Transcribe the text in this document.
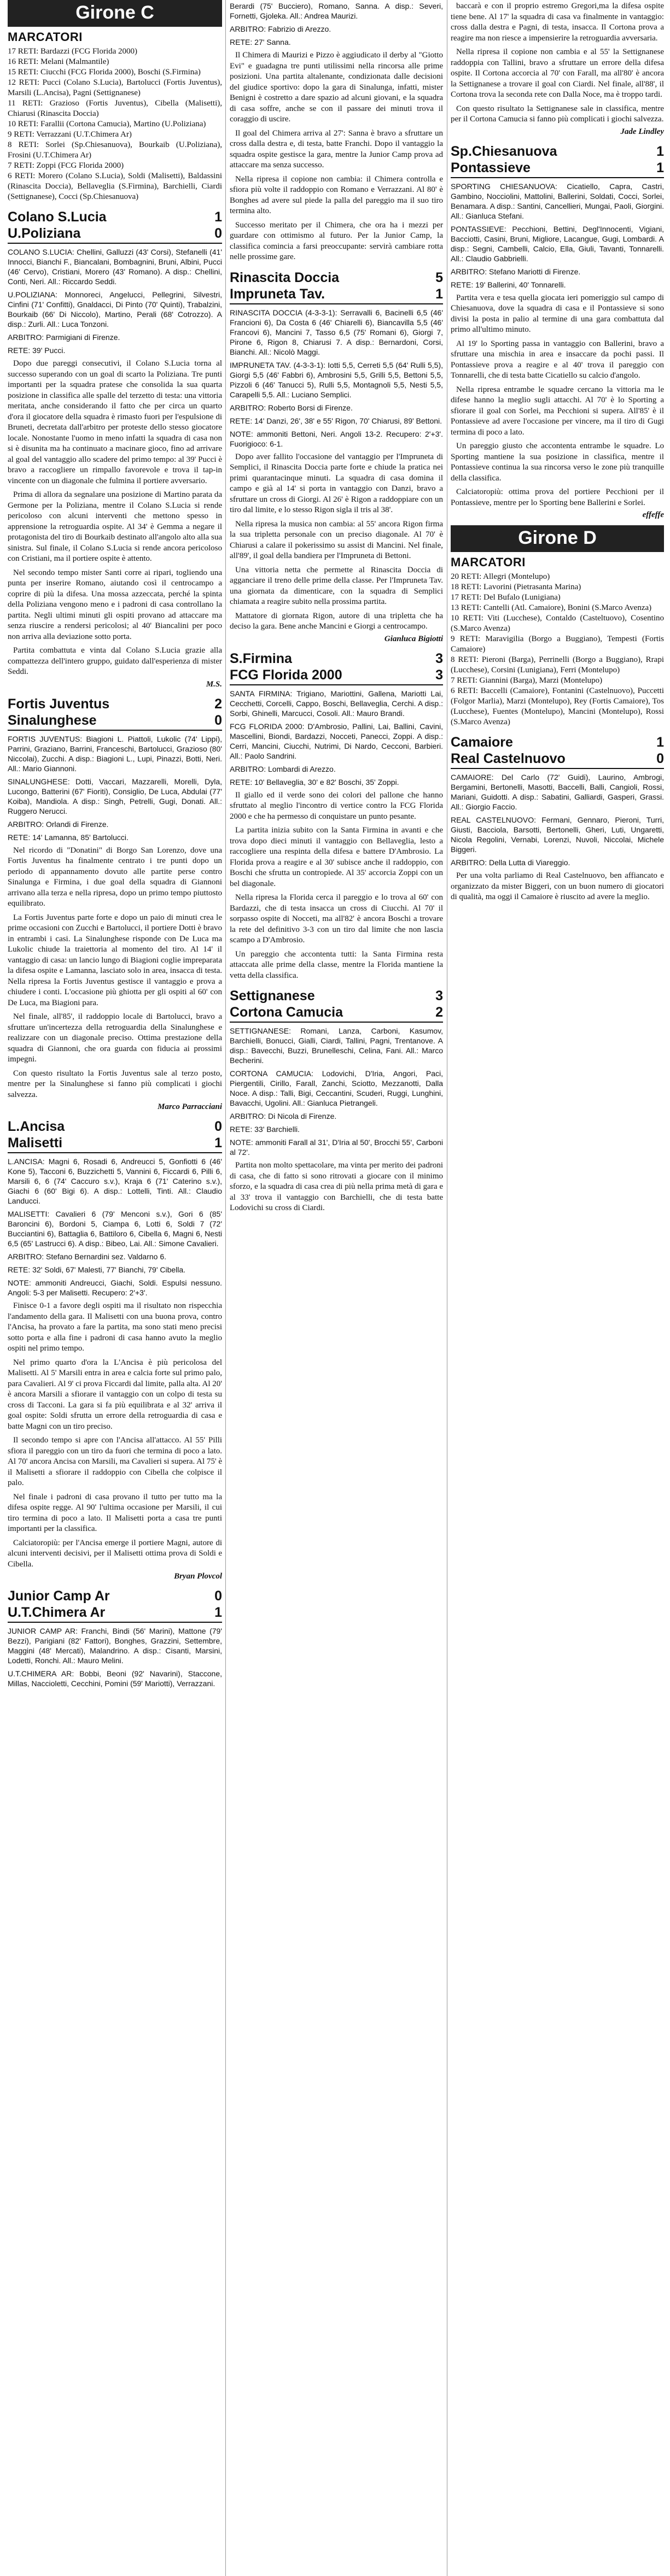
Girone C
MARCATORI

17 RETI: Bardazzi (FCG Florida 2000)

16 RETI: Melani (Malmantile)

15 RETI: Ciucchi (FCG Florida 2000), Boschi (S.Firmina)

12 RETI: Pucci (Colano S.Lucia), Bartolucci (Fortis Juventus), Marsili (L.Ancisa), Pagni (Settignanese)

11 RETI: Grazioso (Fortis Juventus), Cibella (Malisetti), Chiarusi (Rinascita Doccia)

10 RETI: Farallii (Cortona Camucia), Martino (U.Poliziana)

9 RETI: Verrazzani (U.T.Chimera Ar)

8 RETI: Sorlei (Sp.Chiesanuova), Bourkaib (U.Poliziana), Frosini (U.T.Chimera Ar)

7 RETI: Zoppi (FCG Florida 2000)

6 RETI: Morero (Colano S.Lucia), Soldi (Malisetti), Baldassini (Rinascita Doccia), Bellaveglia (S.Firmina), Barchielli, Ciardi (Settignanese), Cocci (Sp.Chiesanuova)

Colano S.Lucia	1
U.Poliziana	0

COLANO S.LUCIA: Chellini, Galluzzi (43' Corsi), Stefanelli (41' Innocci, Bianchi F., Biancalani, Bombagnini, Bruni, Albini, Pucci (46' Cervo), Cristiani, Morero (43' Romano). A disp.: Chellini, Conti, Neri. All.: Riccardo Seddi.

U.POLIZIANA: Monnoreci, Angelucci, Pellegrini, Silvestri, Cinfini (71' Confitti), Gnaldacci, Di Pinto (70' Quinti), Trabalzini, Bourkaib (66' Di Niccolo), Martino, Perali (68' Cotrozzo). A disp.: Zurli. All.: Luca Tonzoni.

ARBITRO: Parmigiani di Firenze.

RETE: 39' Pucci.

Dopo due pareggi consecutivi, il Colano S.Lucia torna al successo superando con un goal di scarto la Poliziana. Tre punti importanti per la squadra pratese che consolida la sua quarta posizione in classifica alle spalle del terzetto di testa: una vittoria meritata, anche considerando il fatto che per circa un quarto d'ora il giocatore della squadra è rimasto fuori per l'espulsione di Bruneti, decretata dall'arbitro per proteste dello stesso giocatore locale. Nonostante l'uomo in meno infatti la squadra di casa non si è disunita ma ha continuato a macinare gioco, fino ad arrivare al goal del vantaggio allo scadere del primo tempo: al 39' Pucci è bravo a raccogliere un rimpallo favorevole e trova il tap-in vincente con un diagonale che fulmina il portiere avversario.

Prima di allora da segnalare una posizione di Martino parata da Germone per la Poliziana, mentre il Colano S.Lucia si rende pericoloso con alcuni interventi che mettono spesso in apprensione la retroguardia ospite. Al 34' è Gemma a negare il protagonista del tiro di Bourkaib destinato all'angolo alto alla sua sinistra. Sul finale, il Colano S.Lucia si rende ancora pericoloso con Cristiani, ma il portiere ospite è attento.

Nel secondo tempo mister Santi corre ai ripari, togliendo una punta per inserire Romano, aiutando così il centrocampo a coprire di più la difesa. Una mossa azzeccata, perché la spinta della Poliziana vengono meno e i padroni di casa controllano la partita. Negli ultimi minuti gli ospiti provano ad attaccare ma senza riuscire a rendersi pericolosi; al 40' Biancalini per poco non arriva alla deviazione sotto porta.

Partita combattuta e vinta dal Colano S.Lucia grazie alla compattezza dell'intero gruppo, guidato dall'esperienza di mister Seddi.

M.S.
Fortis Juventus	2
Sinalunghese	0

FORTIS JUVENTUS: Biagioni L. Piattoli, Lukolic (74' Lippi), Parrini, Graziano, Barrini, Franceschi, Bartolucci, Grazioso (80' Niccolai), Zucchi. A disp.: Biagioni L., Lupi, Pinazzi, Botti, Neri. All.: Mario Giannoni.

SINALUNGHESE: Dotti, Vaccari, Mazzarelli, Morelli, Dyla, Lucongo, Batterini (67' Fioriti), Consiglio, De Luca, Abdulai (77' Koiba), Mandiola. A disp.: Singh, Petrelli, Gugi, Donati. All.: Ruggero Nerucci.

ARBITRO: Orlandi di Firenze.

RETE: 14' Lamanna, 85' Bartolucci.

Nel ricordo di "Donatini" di Borgo San Lorenzo, dove una Fortis Juventus ha finalmente centrato i tre punti dopo un periodo di appannamento dovuto alle partite perse contro Sinalunga e Firmina, i due goal della squadra di Giannoni arrivano alla terza e nella ripresa, dopo un primo tempo piuttosto equilibrato.

La Fortis Juventus parte forte e dopo un paio di minuti crea le prime occasioni con Zucchi e Bartolucci, il portiere Dotti è bravo in entrambi i casi. La Sinalunghese risponde con De Luca ma Lukolic chiude la traiettoria al momento del tiro. Al 14' il vantaggio di casa: un lancio lungo di Biagioni coglie impreparata la difesa ospite e Lamanna, lasciato solo in area, insacca di testa. Nella ripresa la Fortis Juventus gestisce il vantaggio e prova a chiudere i conti. L'occasione più ghiotta per gli ospiti al 60' con De Luca, ma Biagioni para.

Nel finale, all'85', il raddoppio locale di Bartolucci, bravo a sfruttare un'incertezza della retroguardia della Sinalunghese e realizzare con un diagonale preciso. Ottima prestazione della squadra di Giannoni, che ora guarda con fiducia ai prossimi impegni.

Con questo risultato la Fortis Juventus sale al terzo posto, mentre per la Sinalunghese si fanno più complicati i giochi salvezza.

Marco Parracciani
L.Ancisa	0
Malisetti	1

L.ANCISA: Magni 6, Rosadi 6, Andreucci 5, Gonfiotti 6 (46' Kone 5), Tacconi 6, Buzzichetti 5, Vannini 6, Ficcardi 6, Pilli 6, Marsili 6, 6 (74' Caccuro s.v.), Kraja 6 (71' Caterino s.v.), Giachi 6 (60' Bigi 6). A disp.: Lottelli, Tinti. All.: Claudio Landucci.

MALISETTI: Cavalieri 6 (79' Menconi s.v.), Gori 6 (85' Baroncini 6), Bordoni 5, Ciampa 6, Lotti 6, Soldi 7 (72' Bucciantini 6), Battaglia 6, Battiloro 6, Cibella 6, Magni 6, Nesti 6,5 (65' Lastrucci 6). A disp.: Bibeo, Lai. All.: Simone Cavalieri.

ARBITRO: Stefano Bernardini sez. Valdarno 6.

RETE: 32' Soldi, 67' Malesti, 77' Bianchi, 79' Cibella.

NOTE: ammoniti Andreucci, Giachi, Soldi. Espulsi nessuno. Angoli: 5-3 per Malisetti. Recupero: 2'+3'.

Finisce 0-1 a favore degli ospiti ma il risultato non rispecchia l'andamento della gara. Il Malisetti con una buona prova, contro l'Ancisa, ha provato a fare la partita, ma sono stati meno precisi sotto porta e alla fine i padroni di casa hanno avuto la meglio ospiti nel primo tempo.

Nel primo quarto d'ora la L'Ancisa è più pericolosa del Malisetti. Al 5' Marsili entra in area e calcia forte sul primo palo, para Cavalieri. Al 9' ci prova Ficcardi dal limite, palla alta. Al 20' è ancora Marsili a sfiorare il vantaggio con un colpo di testa su cross di Tacconi. La gara si fa più equilibrata e al 32' arriva il goal ospite: Soldi sfrutta un errore della retroguardia di casa e batte Magni con un tiro preciso.

Il secondo tempo si apre con l'Ancisa all'attacco. Al 55' Pilli sfiora il pareggio con un tiro da fuori che termina di poco a lato. Al 70' ancora Ancisa con Marsili, ma Cavalieri si supera. Al 75' è il Malisetti a sfiorare il raddoppio con Cibella che colpisce il palo.

Nel finale i padroni di casa provano il tutto per tutto ma la difesa ospite regge. Al 90' l'ultima occasione per Marsili, il cui tiro termina di poco a lato. Il Malisetti porta a casa tre punti importanti per la classifica.

Calciatoropiù: per l'Ancisa emerge il portiere Magni, autore di alcuni interventi decisivi, per il Malisetti ottima prova di Soldi e Cibella.

Bryan Plovcol
Junior Camp Ar	0
U.T.Chimera Ar	1

JUNIOR CAMP AR: Franchi, Bindi (56' Marini), Mattone (79' Bezzi), Parigiani (82' Fattori), Bonghes, Grazzini, Settembre, Maggini (48' Mercati), Malandrino. A disp.: Cisanti, Marsini, Lodetti, Ronchi. All.: Mauro Melini.

U.T.CHIMERA AR: Bobbi, Beoni (92' Navarini), Staccone, Millas, Naccioletti, Cecchini, Pomini (59' Mariotti), Verrazzani.

Berardi (75' Bucciero), Romano, Sanna. A disp.: Severi, Fornetti, Gjoleka. All.: Andrea Maurizi.

ARBITRO: Fabrizio di Arezzo.

RETE: 27' Sanna.

Il Chimera di Maurizi e Pizzo è aggiudicato il derby al "Giotto Evi" e guadagna tre punti utilissimi nella rincorsa alle prime posizioni. Una partita altalenante, condizionata dalle decisioni del giudice sportivo: dopo la gara di Sinalunga, infatti, mister Benigni è costretto a dare spazio ad alcuni giovani, e la squadra di casa soffre, anche se con il passare dei minuti trova il coraggio di uscire.

Il goal del Chimera arriva al 27': Sanna è bravo a sfruttare un cross dalla destra e, di testa, batte Franchi. Dopo il vantaggio la squadra ospite gestisce la gara, mentre la Junior Camp prova ad attaccare ma senza successo.

Nella ripresa il copione non cambia: il Chimera controlla e sfiora più volte il raddoppio con Romano e Verrazzani. Al 80' è Bonghes ad avere sul piede la palla del pareggio ma il suo tiro termina alto.

Successo meritato per il Chimera, che ora ha i mezzi per guardare con ottimismo al futuro. Per la Junior Camp, la classifica comincia a farsi preoccupante: servirà cambiare rotta nelle prossime gare.

Rinascita Doccia	5
Impruneta Tav.	1

RINASCITA DOCCIA (4-3-3-1): Serravalli 6, Bacinelli 6,5 (46' Francioni 6), Da Costa 6 (46' Chiarelli 6), Biancavilla 5,5 (46' Francovi 6), Mancini 7, Tasso 6,5 (75' Romani 6), Giorgi 7, Pirone 6, Rigon 8, Chiarusi 7. A disp.: Bernardoni, Corsi, Bianchi. All.: Nicolò Maggi.

IMPRUNETA TAV. (4-3-3-1): Iotti 5,5, Cerreti 5,5 (64' Rulli 5,5), Giorgi 5,5 (46' Fabbri 6), Ambrosini 5,5, Grilli 5,5, Bettoni 5,5, Pizzoli 6 (46' Tanucci 5), Rulli 5,5, Montagnoli 5,5, Nesti 5,5, Carapelli 5,5. All.: Luciano Semplici.

ARBITRO: Roberto Borsi di Firenze.

RETE: 14' Danzi, 26', 38' e 55' Rigon, 70' Chiarusi, 89' Bettoni.

NOTE: ammoniti Bettoni, Neri. Angoli 13-2. Recupero: 2'+3'. Fuorigioco: 6-1.

Dopo aver fallito l'occasione del vantaggio per l'Impruneta di Semplici, il Rinascita Doccia parte forte e chiude la pratica nei primi quarantacinque minuti. La squadra di casa domina il campo e già al 14' si porta in vantaggio con Danzi, bravo a sfruttare un cross di Giorgi. Al 26' è Rigon a raddoppiare con un tiro dal limite, e lo stesso Rigon sigla il tris al 38'.

Nella ripresa la musica non cambia: al 55' ancora Rigon firma la sua tripletta personale con un preciso diagonale. Al 70' è Chiarusi a calare il pokerissimo su assist di Mancini. Nel finale, all'89', il goal della bandiera per l'Impruneta di Bettoni.

Una vittoria netta che permette al Rinascita Doccia di agganciare il treno delle prime della classe. Per l'Impruneta Tav. una giornata da dimenticare, con la squadra di Semplici chiamata a reagire subito nella prossima partita.

Mattatore di giornata Rigon, autore di una tripletta che ha deciso la gara. Bene anche Mancini e Giorgi a centrocampo.

Gianluca Bigiotti
S.Firmina	3
FCG Florida 2000	3

SANTA FIRMINA: Trigiano, Mariottini, Gallena, Mariotti Lai, Cecchetti, Corcelli, Cappo, Boschi, Bellaveglia, Cerchi. A disp.: Sorbi, Ghinelli, Marcucci, Cosoli. All.: Mauro Brandi.

FCG FLORIDA 2000: D'Ambrosio, Pallini, Lai, Ballini, Cavini, Mascellini, Biondi, Bardazzi, Nocceti, Panecci, Zoppi. A disp.: Cerri, Mancini, Ciucchi, Nutrimi, Di Nardo, Cecconi, Barbieri. All.: Paolo Sandrini.

ARBITRO: Lombardi di Arezzo.

RETE: 10' Bellaveglia, 30' e 82' Boschi, 35' Zoppi.

Il giallo ed il verde sono dei colori del pallone che hanno sfruttato al meglio l'incontro di vertice contro la FCG Florida 2000 e che ha permesso di conquistare un punto pesante.

La partita inizia subito con la Santa Firmina in avanti e che trova dopo dieci minuti il vantaggio con Bellaveglia, lesto a raccogliere una respinta della difesa e battere D'Ambrosio. La Florida prova a reagire e al 30' subisce anche il raddoppio, con Boschi che sfrutta un contropiede. Al 35' accorcia Zoppi con un bel diagonale.

Nella ripresa la Florida cerca il pareggio e lo trova al 60' con Bardazzi, che di testa insacca un cross di Ciucchi. Al 70' il sorpasso ospite di Nocceti, ma all'82' è ancora Boschi a trovare la rete del definitivo 3-3 con un tiro dal limite che non lascia scampo a D'Ambrosio.

Un pareggio che accontenta tutti: la Santa Firmina resta attaccata alle prime della classe, mentre la Florida mantiene la vetta della classifica.

Settignanese	3
Cortona Camucia	2

SETTIGNANESE: Romani, Lanza, Carboni, Kasumov, Barchielli, Bonucci, Gialli, Ciardi, Tallini, Pagni, Trentanove. A disp.: Bavecchi, Buzzi, Brunelleschi, Celina, Fani. All.: Marco Becherini.

CORTONA CAMUCIA: Lodovichi, D'Iria, Angori, Paci, Piergentili, Cirillo, Farall, Zanchi, Sciotto, Mezzanotti, Dalla Noce. A disp.: Talli, Bigi, Ceccantini, Scuderi, Ruggi, Lunghini, Bavacchi, Ugolini. All.: Gianluca Pietrangeli.

ARBITRO: Di Nicola di Firenze.

RETE: 33' Barchielli.

NOTE: ammoniti Farall al 31', D'Iria al 50', Brocchi 55', Carboni al 72'.

Partita non molto spettacolare, ma vinta per merito dei padroni di casa, che di fatto si sono ritrovati a giocare con il minimo sforzo, e la squadra di casa crea di più nella prima metà di gara e al 33' trova il vantaggio con Barchielli, che di testa batte Lodovichi su cross di Ciardi.

baccarà e con il proprio estremo Gregori,ma la difesa ospite tiene bene. Al 17' la squadra di casa va finalmente in vantaggio: cross dalla destra e Pagni, di testa, insacca. Il Cortona prova a reagire ma non riesce a impensierire la retroguardia avversaria.

Nella ripresa il copione non cambia e al 55' la Settignanese raddoppia con Tallini, bravo a sfruttare un errore della difesa ospite. Il Cortona accorcia al 70' con Farall, ma all'80' è ancora la Settignanese a trovare il goal con Ciardi. Nel finale, all'88', il Cortona trova la seconda rete con Dalla Noce, ma è troppo tardi.

Con questo risultato la Settignanese sale in classifica, mentre per il Cortona Camucia si fanno più complicati i giochi salvezza.

Jade Lindley
Sp.Chiesanuova	1
Pontassieve	1

SPORTING CHIESANUOVA: Cicatiello, Capra, Castri, Gambino, Nocciolini, Mattolini, Ballerini, Soldati, Cocci, Sorlei, Benamara. A disp.: Santini, Cancellieri, Mungai, Paoli, Giorgini. All.: Gianluca Stefani.

PONTASSIEVE: Pecchioni, Bettini, Degl'Innocenti, Vigiani, Bacciotti, Casini, Bruni, Migliore, Lacangue, Gugi, Lombardi. A disp.: Segni, Cambelli, Calcio, Ella, Giuli, Tavanti, Tonnarelli. All.: Claudio Gabbrielli.

ARBITRO: Stefano Mariotti di Firenze.

RETE: 19' Ballerini, 40' Tonnarelli.

Partita vera e tesa quella giocata ieri pomeriggio sul campo di Chiesanuova, dove la squadra di casa e il Pontassieve si sono divisi la posta in palio al termine di una gara combattuta dal primo all'ultimo minuto.

Al 19' lo Sporting passa in vantaggio con Ballerini, bravo a sfruttare una mischia in area e insaccare da pochi passi. Il Pontassieve prova a reagire e al 40' trova il pareggio con Tonnarelli, che di testa batte Cicatiello su calcio d'angolo.

Nella ripresa entrambe le squadre cercano la vittoria ma le difese hanno la meglio sugli attacchi. Al 70' è lo Sporting a sfiorare il goal con Sorlei, ma Pecchioni si supera. All'85' è il Pontassieve ad avere l'occasione per vincere, ma il tiro di Gugi termina di poco a lato.

Un pareggio giusto che accontenta entrambe le squadre. Lo Sporting mantiene la sua posizione in classifica, mentre il Pontassieve continua la sua rincorsa verso le zone più tranquille della classifica.

Calciatoropiù: ottima prova del portiere Pecchioni per il Pontassieve, mentre per lo Sporting bene Ballerini e Sorlei.

effeffe
Girone D
MARCATORI

20 RETI: Allegri (Montelupo)

18 RETI: Lavorini (Pietrasanta Marina)

17 RETI: Del Bufalo (Lunigiana)

13 RETI: Cantelli (Atl. Camaiore), Bonini (S.Marco Avenza)

10 RETI: Viti (Lucchese), Contaldo (Casteltuovo), Cosentino (S.Marco Avenza)

9 RETI: Maravigilia (Borgo a Buggiano), Tempesti (Fortis Camaiore)

8 RETI: Pieroni (Barga), Perrinelli (Borgo a Buggiano), Rrapi (Lucchese), Corsini (Lunigiana), Ferri (Montelupo)

7 RETI: Giannini (Barga), Marzi (Montelupo)

6 RETI: Baccelli (Camaiore), Fontanini (Castelnuovo), Puccetti (Folgor Marlia), Marzi (Montelupo), Rey (Fortis Camaiore), Tos (Lucchese), Fuentes (Montelupo), Mancini (Montelupo), Rossi (S.Marco Avenza)

Camaiore	1
Real Castelnuovo	0

CAMAIORE: Del Carlo (72' Guidi), Laurino, Ambrogi, Bergamini, Bertonelli, Masotti, Baccelli, Balli, Cangioli, Rossi, Mariani, Guidotti. A disp.: Sabatini, Galliardi, Gasperi, Grassi. All.: Giorgio Faccio.

REAL CASTELNUOVO: Fermani, Gennaro, Pieroni, Turri, Giusti, Bacciola, Barsotti, Bertonelli, Gheri, Luti, Ungaretti, Nicola Regolini, Vernabi, Lorenzi, Nuvoli, Niccolai, Michele Biggeri.

ARBITRO: Della Lutta di Viareggio.

Per una volta parliamo di Real Castelnuovo, ben affiancato e organizzato da mister Biggeri, con un buon numero di giocatori di qualità, ma oggi il Camaiore è riuscito ad avere la meglio.
